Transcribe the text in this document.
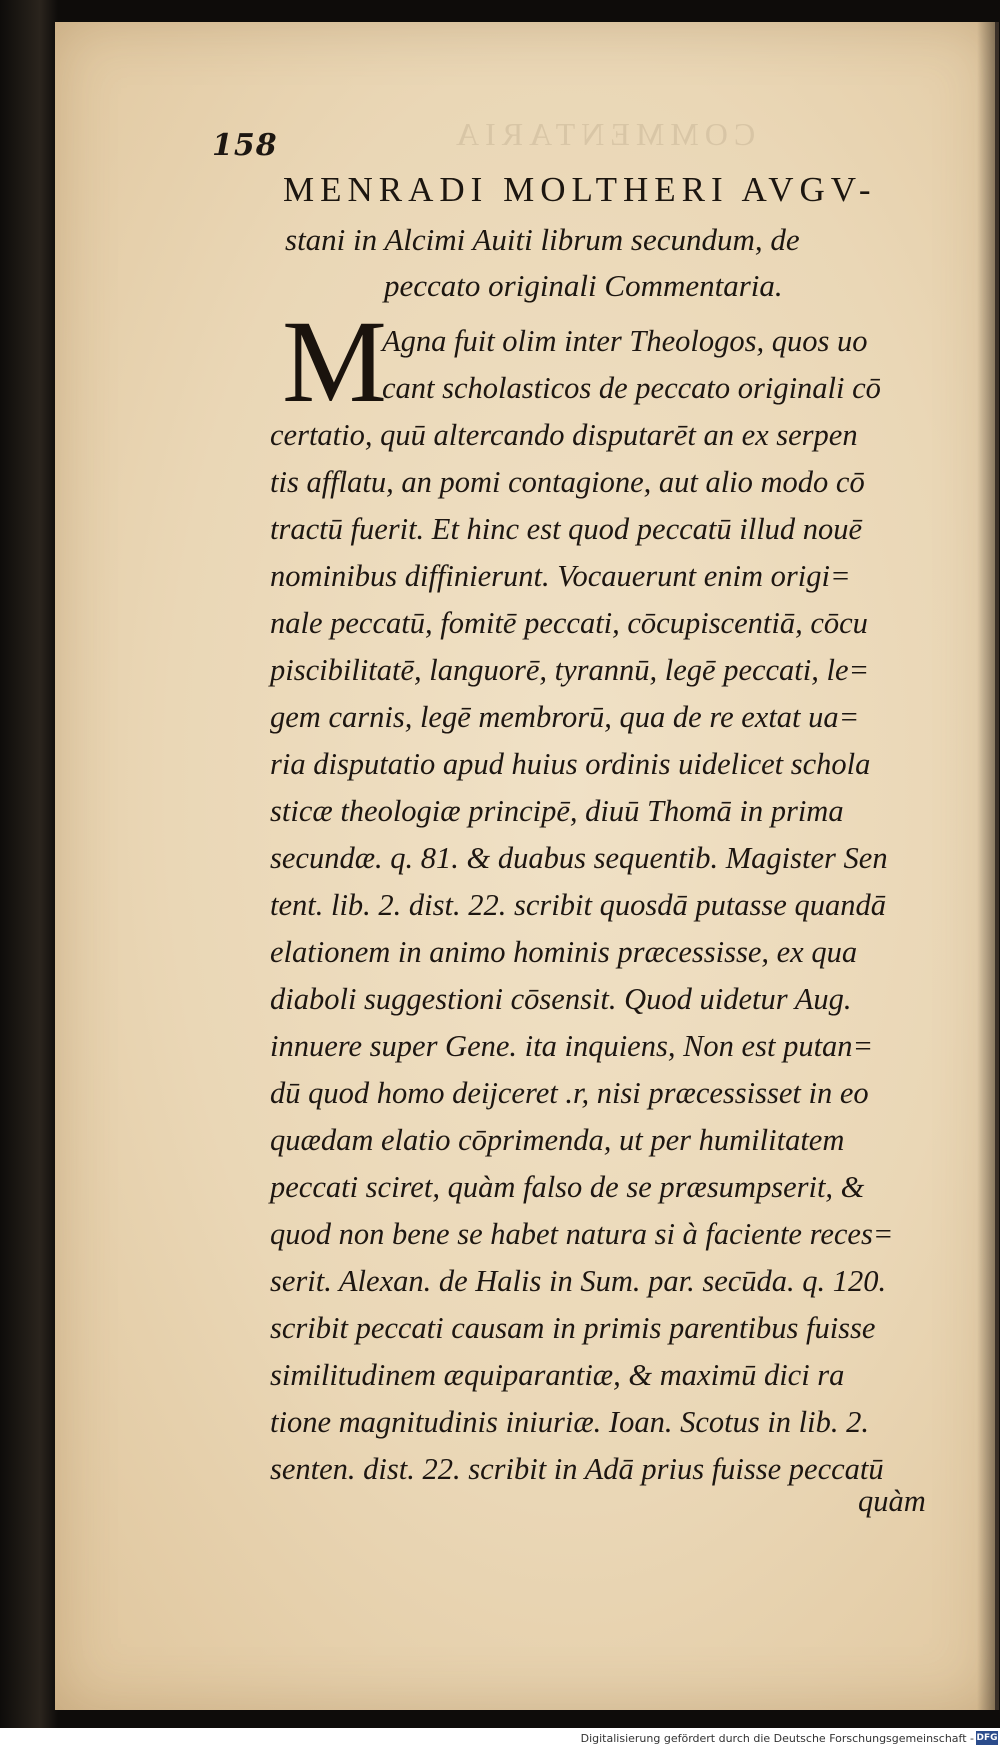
COMMENTARIA
158
MENRADI MOLTHERI AVGV-
stani in Alcimi Auiti librum secundum, de
peccato originali Commentaria.
M
Agna fuit olim inter Theologos, quos uo
cant scholasticos de peccato originali cō
certatio, quū altercando disputarēt an ex serpen
tis afflatu, an pomi contagione, aut alio modo cō
tractū fuerit. Et hinc est quod peccatū illud nouē
nominibus diffinierunt. Vocauerunt enim origi=
nale peccatū, fomitē peccati, cōcupiscentiā, cōcu
piscibilitatē, languorē, tyrannū, legē peccati, le=
gem carnis, legē membrorū, qua de re extat ua=
ria disputatio apud huius ordinis uidelicet schola
sticæ theologiæ principē, diuū Thomā in prima
secundæ. q. 81. & duabus sequentib. Magister Sen
tent. lib. 2. dist. 22. scribit quosdā putasse quandā
elationem in animo hominis præcessisse, ex qua
diaboli suggestioni cōsensit. Quod uidetur Aug.
innuere super Gene. ita inquiens, Non est putan=
dū quod homo deijceret .r, nisi præcessisset in eo
quædam elatio cōprimenda, ut per humilitatem
peccati sciret, quàm falso de se præsumpserit, &
quod non bene se habet natura si à faciente reces=
serit. Alexan. de Halis in Sum. par. secūda. q. 120.
scribit peccati causam in primis parentibus fuisse
similitudinem æquiparantiæ, & maximū dici ra
tione magnitudinis iniuriæ. Ioan. Scotus in lib. 2.
senten. dist. 22. scribit in Adā prius fuisse peccatū
quàm
Digitalisierung gefördert durch die Deutsche Forschungsgemeinschaft - DFG
